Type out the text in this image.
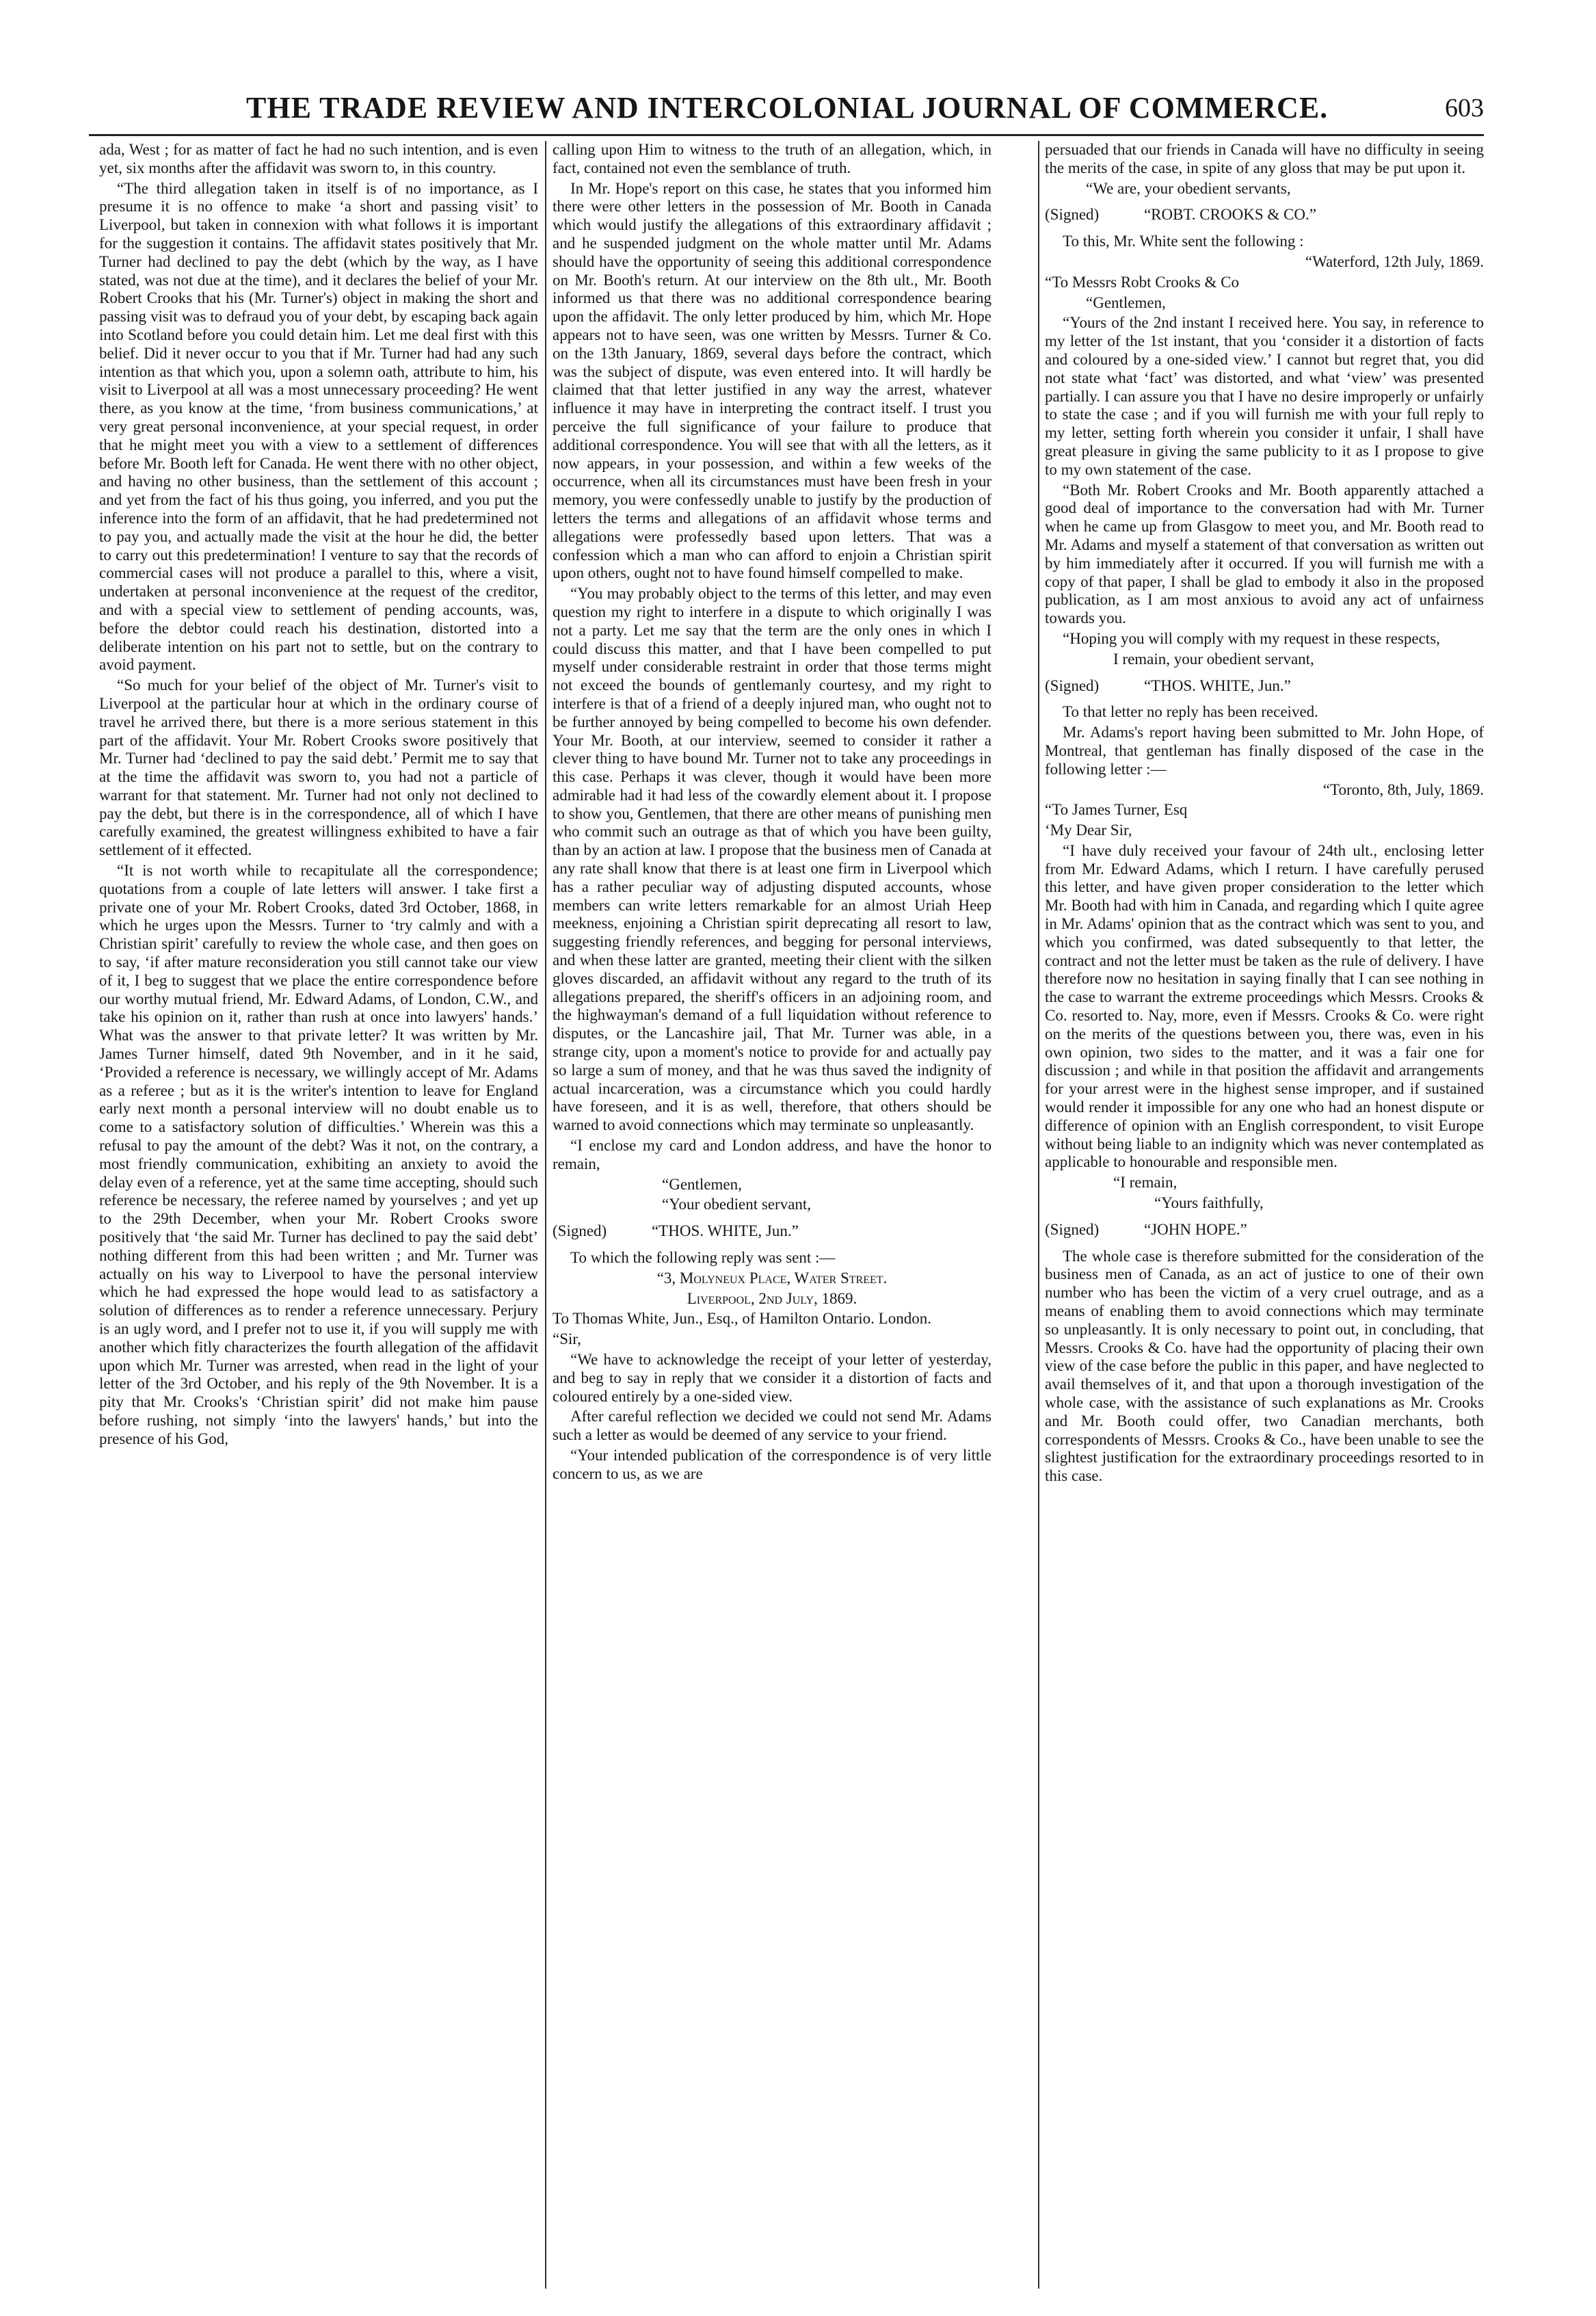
THE TRADE REVIEW AND INTERCOLONIAL JOURNAL OF COMMERCE.	603

ada, West ; for as matter of fact he had no such intention, and is even yet, six months after the affidavit was sworn to, in this country.

“The third allegation taken in itself is of no importance, as I presume it is no offence to make ‘a short and passing visit’ to Liverpool, but taken in connexion with what follows it is important for the suggestion it contains. The affidavit states positively that Mr. Turner had declined to pay the debt (which by the way, as I have stated, was not due at the time), and it declares the belief of your Mr. Robert Crooks that his (Mr. Turner's) object in making the short and passing visit was to defraud you of your debt, by escaping back again into Scotland before you could detain him. Let me deal first with this belief. Did it never occur to you that if Mr. Turner had had any such intention as that which you, upon a solemn oath, attribute to him, his visit to Liverpool at all was a most unnecessary proceeding? He went there, as you know at the time, ‘from business communications,’ at very great personal inconvenience, at your special request, in order that he might meet you with a view to a settlement of differences before Mr. Booth left for Canada. He went there with no other object, and having no other business, than the settlement of this account ; and yet from the fact of his thus going, you inferred, and you put the inference into the form of an affidavit, that he had predetermined not to pay you, and actually made the visit at the hour he did, the better to carry out this predetermination! I venture to say that the records of commercial cases will not produce a parallel to this, where a visit, undertaken at personal inconvenience at the request of the creditor, and with a special view to settlement of pending accounts, was, before the debtor could reach his destination, distorted into a deliberate intention on his part not to settle, but on the contrary to avoid payment.

“So much for your belief of the object of Mr. Turner's visit to Liverpool at the particular hour at which in the ordinary course of travel he arrived there, but there is a more serious statement in this part of the affidavit. Your Mr. Robert Crooks swore positively that Mr. Turner had ‘declined to pay the said debt.’ Permit me to say that at the time the affidavit was sworn to, you had not a particle of warrant for that statement. Mr. Turner had not only not declined to pay the debt, but there is in the correspondence, all of which I have carefully examined, the greatest willingness exhibited to have a fair settlement of it effected.

“It is not worth while to recapitulate all the correspondence; quotations from a couple of late letters will answer. I take first a private one of your Mr. Robert Crooks, dated 3rd October, 1868, in which he urges upon the Messrs. Turner to ‘try calmly and with a Christian spirit’ carefully to review the whole case, and then goes on to say, ‘if after mature reconsideration you still cannot take our view of it, I beg to suggest that we place the entire correspondence before our worthy mutual friend, Mr. Edward Adams, of London, C.W., and take his opinion on it, rather than rush at once into lawyers' hands.’ What was the answer to that private letter? It was written by Mr. James Turner himself, dated 9th November, and in it he said, ‘Provided a reference is necessary, we willingly accept of Mr. Adams as a referee ; but as it is the writer's intention to leave for England early next month a personal interview will no doubt enable us to come to a satisfactory solution of difficulties.’ Wherein was this a refusal to pay the amount of the debt? Was it not, on the contrary, a most friendly communication, exhibiting an anxiety to avoid the delay even of a reference, yet at the same time accepting, should such reference be necessary, the referee named by yourselves ; and yet up to the 29th December, when your Mr. Robert Crooks swore positively that ‘the said Mr. Turner has declined to pay the said debt’ nothing different from this had been written ; and Mr. Turner was actually on his way to Liverpool to have the personal interview which he had expressed the hope would lead to as satisfactory a solution of differences as to render a reference unnecessary. Perjury is an ugly word, and I prefer not to use it, if you will supply me with another which fitly characterizes the fourth allegation of the affidavit upon which Mr. Turner was arrested, when read in the light of your letter of the 3rd October, and his reply of the 9th November. It is a pity that Mr. Crooks's ‘Christian spirit’ did not make him pause before rushing, not simply ‘into the lawyers' hands,’ but into the presence of his God,

calling upon Him to witness to the truth of an allegation, which, in fact, contained not even the semblance of truth.

In Mr. Hope's report on this case, he states that you informed him there were other letters in the possession of Mr. Booth in Canada which would justify the allegations of this extraordinary affidavit ; and he suspended judgment on the whole matter until Mr. Adams should have the opportunity of seeing this additional correspondence on Mr. Booth's return. At our interview on the 8th ult., Mr. Booth informed us that there was no additional correspondence bearing upon the affidavit. The only letter produced by him, which Mr. Hope appears not to have seen, was one written by Messrs. Turner & Co. on the 13th January, 1869, several days before the contract, which was the subject of dispute, was even entered into. It will hardly be claimed that that letter justified in any way the arrest, whatever influence it may have in interpreting the contract itself. I trust you perceive the full significance of your failure to produce that additional correspondence. You will see that with all the letters, as it now appears, in your possession, and within a few weeks of the occurrence, when all its circumstances must have been fresh in your memory, you were confessedly unable to justify by the production of letters the terms and allegations of an affidavit whose terms and allegations were professedly based upon letters. That was a confession which a man who can afford to enjoin a Christian spirit upon others, ought not to have found himself compelled to make.

“You may probably object to the terms of this letter, and may even question my right to interfere in a dispute to which originally I was not a party. Let me say that the term are the only ones in which I could discuss this matter, and that I have been compelled to put myself under considerable restraint in order that those terms might not exceed the bounds of gentlemanly courtesy, and my right to interfere is that of a friend of a deeply injured man, who ought not to be further annoyed by being compelled to become his own defender. Your Mr. Booth, at our interview, seemed to consider it rather a clever thing to have bound Mr. Turner not to take any proceedings in this case. Perhaps it was clever, though it would have been more admirable had it had less of the cowardly element about it. I propose to show you, Gentlemen, that there are other means of punishing men who commit such an outrage as that of which you have been guilty, than by an action at law. I propose that the business men of Canada at any rate shall know that there is at least one firm in Liverpool which has a rather peculiar way of adjusting disputed accounts, whose members can write letters remarkable for an almost Uriah Heep meekness, enjoining a Christian spirit deprecating all resort to law, suggesting friendly references, and begging for personal interviews, and when these latter are granted, meeting their client with the silken gloves discarded, an affidavit without any regard to the truth of its allegations prepared, the sheriff's officers in an adjoining room, and the highwayman's demand of a full liquidation without reference to disputes, or the Lancashire jail, That Mr. Turner was able, in a strange city, upon a moment's notice to provide for and actually pay so large a sum of money, and that he was thus saved the indignity of actual incarceration, was a circumstance which you could hardly have foreseen, and it is as well, therefore, that others should be warned to avoid connections which may terminate so unpleasantly.

“I enclose my card and London address, and have the honor to remain,

“Gentlemen,

“Your obedient servant,

(Signed)	“THOS. WHITE, Jun.”

To which the following reply was sent :—

“3, Molyneux Place, Water Street.

Liverpool, 2nd July, 1869.

To Thomas White, Jun., Esq., of Hamilton Ontario. London.

“Sir,

“We have to acknowledge the receipt of your letter of yesterday, and beg to say in reply that we consider it a distortion of facts and coloured entirely by a one-sided view.

After careful reflection we decided we could not send Mr. Adams such a letter as would be deemed of any service to your friend.

“Your intended publication of the correspondence is of very little concern to us, as we are

persuaded that our friends in Canada will have no difficulty in seeing the merits of the case, in spite of any gloss that may be put upon it.

“We are, your obedient servants,

(Signed)	“ROBT. CROOKS & CO.”

To this, Mr. White sent the following :

“Waterford, 12th July, 1869.

“To Messrs Robt Crooks & Co

“Gentlemen,

“Yours of the 2nd instant I received here. You say, in reference to my letter of the 1st instant, that you ‘consider it a distortion of facts and coloured by a one-sided view.’ I cannot but regret that, you did not state what ‘fact’ was distorted, and what ‘view’ was presented partially. I can assure you that I have no desire improperly or unfairly to state the case ; and if you will furnish me with your full reply to my letter, setting forth wherein you consider it unfair, I shall have great pleasure in giving the same publicity to it as I propose to give to my own statement of the case.

“Both Mr. Robert Crooks and Mr. Booth apparently attached a good deal of importance to the conversation had with Mr. Turner when he came up from Glasgow to meet you, and Mr. Booth read to Mr. Adams and myself a statement of that conversation as written out by him immediately after it occurred. If you will furnish me with a copy of that paper, I shall be glad to embody it also in the proposed publication, as I am most anxious to avoid any act of unfairness towards you.

“Hoping you will comply with my request in these respects,

I remain, your obedient servant,

(Signed)	“THOS. WHITE, Jun.”

To that letter no reply has been received.

Mr. Adams's report having been submitted to Mr. John Hope, of Montreal, that gentleman has finally disposed of the case in the following letter :—

“Toronto, 8th, July, 1869.

“To James Turner, Esq

‘My Dear Sir,

“I have duly received your favour of 24th ult., enclosing letter from Mr. Edward Adams, which I return. I have carefully perused this letter, and have given proper consideration to the letter which Mr. Booth had with him in Canada, and regarding which I quite agree in Mr. Adams' opinion that as the contract which was sent to you, and which you confirmed, was dated subsequently to that letter, the contract and not the letter must be taken as the rule of delivery. I have therefore now no hesitation in saying finally that I can see nothing in the case to warrant the extreme proceedings which Messrs. Crooks & Co. resorted to. Nay, more, even if Messrs. Crooks & Co. were right on the merits of the questions between you, there was, even in his own opinion, two sides to the matter, and it was a fair one for discussion ; and while in that position the affidavit and arrangements for your arrest were in the highest sense improper, and if sustained would render it impossible for any one who had an honest dispute or difference of opinion with an English correspondent, to visit Europe without being liable to an indignity which was never contemplated as applicable to honourable and responsible men.

“I remain,

“Yours faithfully,

(Signed)	“JOHN HOPE.”

The whole case is therefore submitted for the consideration of the business men of Canada, as an act of justice to one of their own number who has been the victim of a very cruel outrage, and as a means of enabling them to avoid connections which may terminate so unpleasantly. It is only necessary to point out, in concluding, that Messrs. Crooks & Co. have had the opportunity of placing their own view of the case before the public in this paper, and have neglected to avail themselves of it, and that upon a thorough investigation of the whole case, with the assistance of such explanations as Mr. Crooks and Mr. Booth could offer, two Canadian merchants, both correspondents of Messrs. Crooks & Co., have been unable to see the slightest justification for the extraordinary proceedings resorted to in this case.
